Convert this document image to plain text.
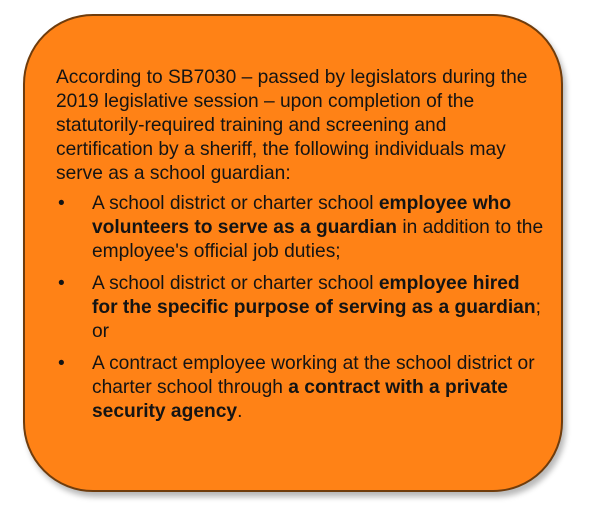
According to SB7030 – passed by legislators during the 2019 legislative session – upon completion of the statutorily-required training and screening and certification by a sheriff, the following individuals may serve as a school guardian:

• A school district or charter school employee who volunteers to serve as a guardian in addition to the employee's official job duties;
• A school district or charter school employee hired for the specific purpose of serving as a guardian; or
• A contract employee working at the school district or charter school through a contract with a private security agency.
